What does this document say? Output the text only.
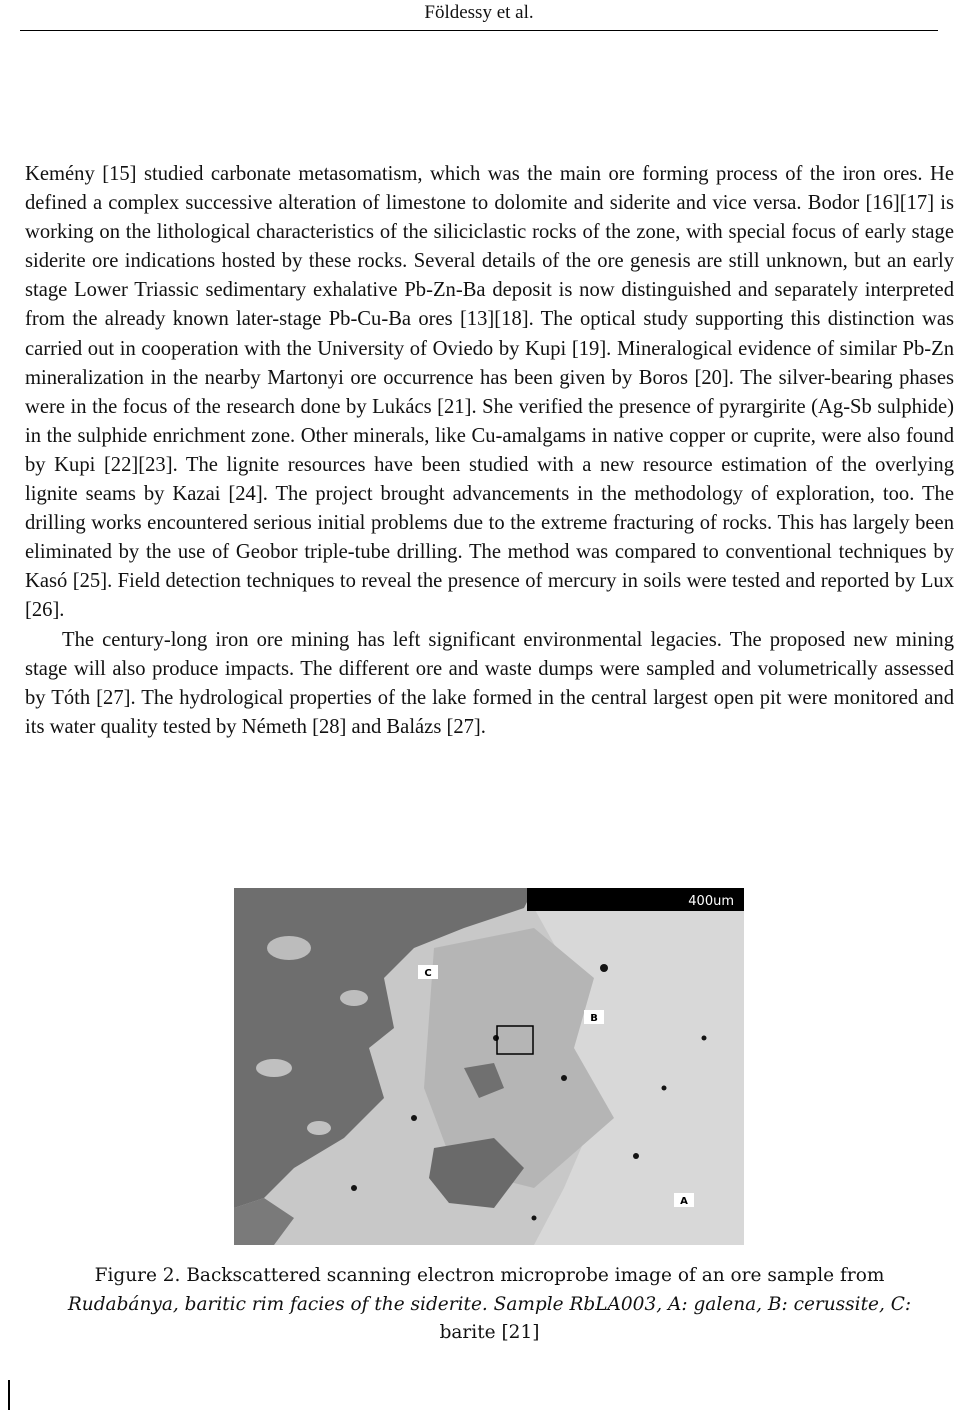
Földessy et al.

Kemény [15] studied carbonate metasomatism, which was the main ore forming process of the iron ores. He defined a complex successive alteration of limestone to dolomite and siderite and vice versa. Bodor [16][17] is working on the lithological characteristics of the siliciclastic rocks of the zone, with special focus of early stage siderite ore indications hosted by these rocks. Several details of the ore genesis are still unknown, but an early stage Lower Triassic sedimentary exhalative Pb-Zn-Ba deposit is now distinguished and separately interpreted from the already known later-stage Pb-Cu-Ba ores [13][18]. The optical study supporting this distinction was carried out in cooperation with the University of Oviedo by Kupi [19]. Mineralogical evidence of similar Pb-Zn mineralization in the nearby Martonyi ore occurrence has been given by Boros [20]. The silver-bearing phases were in the focus of the research done by Lukács [21]. She verified the presence of pyrargirite (Ag-Sb sulphide) in the sulphide enrichment zone. Other minerals, like Cu-amalgams in native copper or cuprite, were also found by Kupi [22][23]. The lignite resources have been studied with a new resource estimation of the overlying lignite seams by Kazai [24]. The project brought advancements in the methodology of exploration, too. The drilling works encountered serious initial problems due to the extreme fracturing of rocks. This has largely been eliminated by the use of Geobor triple-tube drilling. The method was compared to conventional techniques by Kasó [25]. Field detection techniques to reveal the presence of mercury in soils were tested and reported by Lux [26].

The century-long iron ore mining has left significant environmental legacies. The proposed new mining stage will also produce impacts. The different ore and waste dumps were sampled and volumetrically assessed by Tóth [27]. The hydrological properties of the lake formed in the central largest open pit were monitored and its water quality tested by Németh [28] and Balázs [27].

400um
C
B
A
Figure 2. Backscattered scanning electron microprobe image of an ore sample from
Rudabánya, baritic rim facies of the siderite. Sample RbLA003, A: galena, B: cerussite, C:
barite [21]
